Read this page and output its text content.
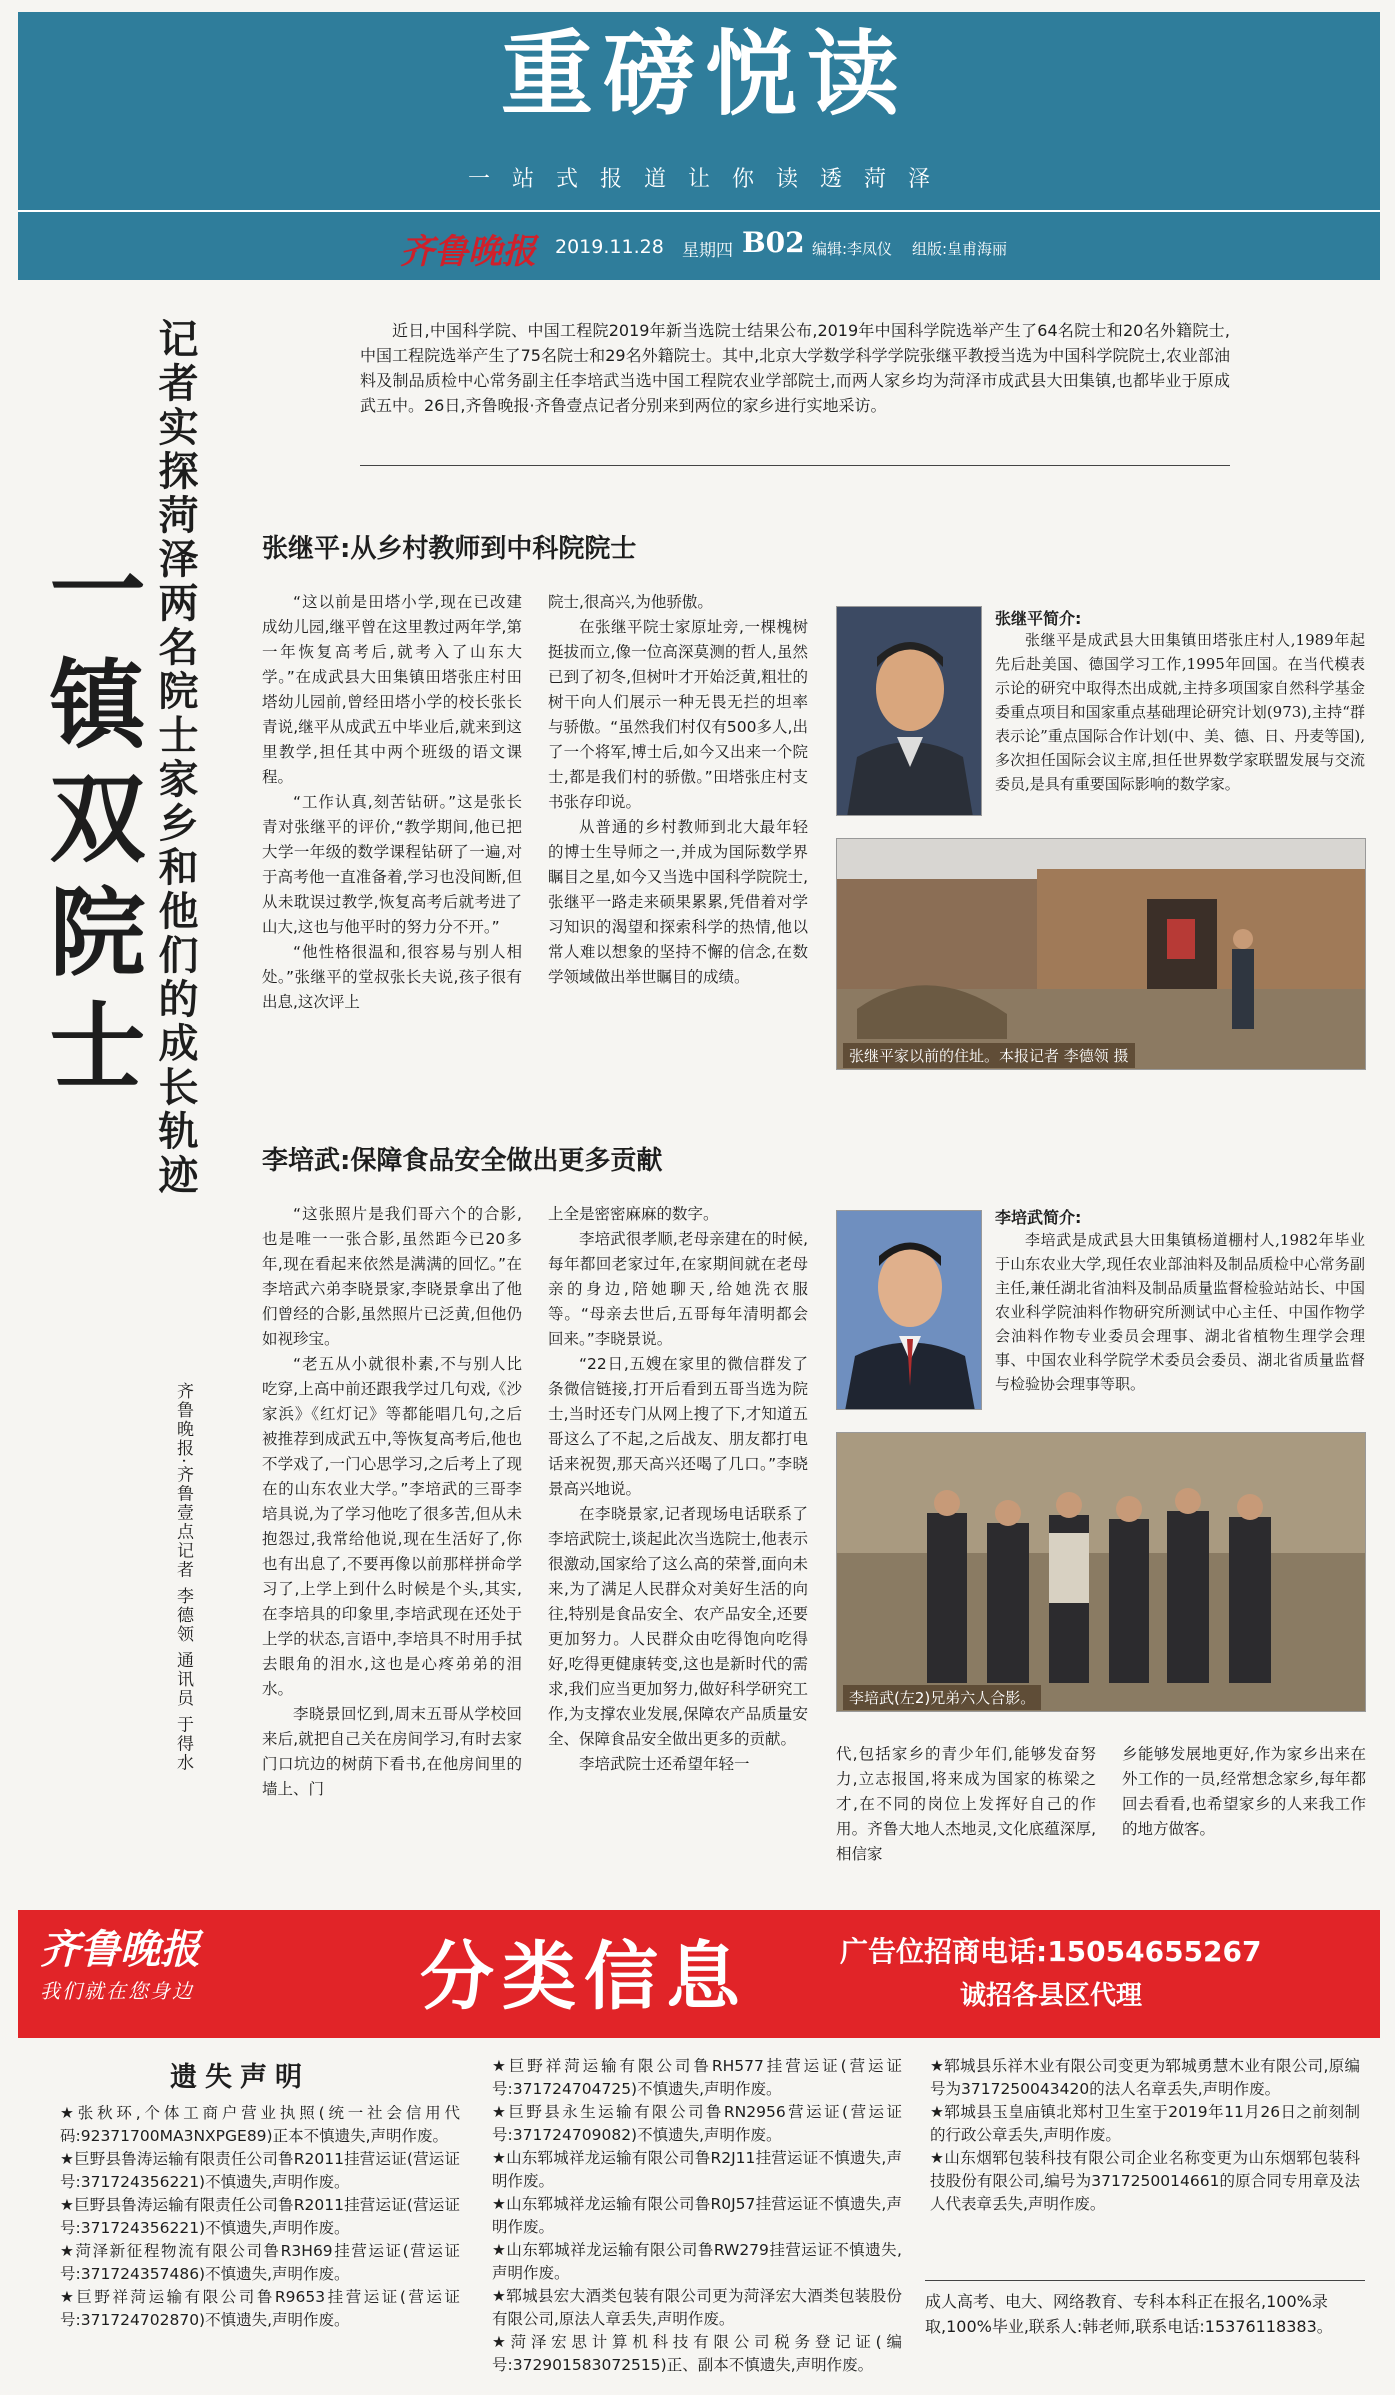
重磅悦读
一站式报道让你读透菏泽
齐鲁晚报 2019.11.28 星期四 B02 编辑:李凤仪 组版:皇甫海丽
记者实探菏泽两名院士家乡和他们的成长轨迹
一镇双院士
齐鲁晚报·齐鲁壹点记者 李德领 通讯员 于得水
近日,中国科学院、中国工程院2019年新当选院士结果公布,2019年中国科学院选举产生了64名院士和20名外籍院士,中国工程院选举产生了75名院士和29名外籍院士。其中,北京大学数学科学学院张继平教授当选为中国科学院院士,农业部油料及制品质检中心常务副主任李培武当选中国工程院农业学部院士,而两人家乡均为菏泽市成武县大田集镇,也都毕业于原成武五中。26日,齐鲁晚报·齐鲁壹点记者分别来到两位的家乡进行实地采访。
张继平:从乡村教师到中科院院士

“这以前是田塔小学,现在已改建成幼儿园,继平曾在这里教过两年学,第一年恢复高考后,就考入了山东大学。”在成武县大田集镇田塔张庄村田塔幼儿园前,曾经田塔小学的校长张长青说,继平从成武五中毕业后,就来到这里教学,担任其中两个班级的语文课程。

“工作认真,刻苦钻研。”这是张长青对张继平的评价,“教学期间,他已把大学一年级的数学课程钻研了一遍,对于高考他一直准备着,学习也没间断,但从未耽误过教学,恢复高考后就考进了山大,这也与他平时的努力分不开。”

“他性格很温和,很容易与别人相处。”张继平的堂叔张长夫说,孩子很有出息,这次评上

院士,很高兴,为他骄傲。

在张继平院士家原址旁,一棵槐树挺拔而立,像一位高深莫测的哲人,虽然已到了初冬,但树叶才开始泛黄,粗壮的树干向人们展示一种无畏无拦的坦率与骄傲。“虽然我们村仅有500多人,出了一个将军,博士后,如今又出来一个院士,都是我们村的骄傲。”田塔张庄村支书张存印说。

从普通的乡村教师到北大最年轻的博士生导师之一,并成为国际数学界瞩目之星,如今又当选中国科学院院士,张继平一路走来硕果累累,凭借着对学习知识的渴望和探索科学的热情,他以常人难以想象的坚持不懈的信念,在数学领域做出举世瞩目的成绩。

张继平简介:
张继平是成武县大田集镇田塔张庄村人,1989年起先后赴美国、德国学习工作,1995年回国。在当代模表示论的研究中取得杰出成就,主持多项国家自然科学基金委重点项目和国家重点基础理论研究计划(973),主持“群表示论”重点国际合作计划(中、美、德、日、丹麦等国),多次担任国际会议主席,担任世界数学家联盟发展与交流委员,是具有重要国际影响的数学家。
张继平家以前的住址。本报记者 李德领 摄
李培武:保障食品安全做出更多贡献

“这张照片是我们哥六个的合影,也是唯一一张合影,虽然距今已20多年,现在看起来依然是满满的回忆。”在李培武六弟李晓景家,李晓景拿出了他们曾经的合影,虽然照片已泛黄,但他仍如视珍宝。

“老五从小就很朴素,不与别人比吃穿,上高中前还跟我学过几句戏,《沙家浜》《红灯记》等都能唱几句,之后被推荐到成武五中,等恢复高考后,他也不学戏了,一门心思学习,之后考上了现在的山东农业大学。”李培武的三哥李培具说,为了学习他吃了很多苦,但从未抱怨过,我常给他说,现在生活好了,你也有出息了,不要再像以前那样拼命学习了,上学上到什么时候是个头,其实,在李培具的印象里,李培武现在还处于上学的状态,言语中,李培具不时用手拭去眼角的泪水,这也是心疼弟弟的泪水。

李晓景回忆到,周末五哥从学校回来后,就把自己关在房间学习,有时去家门口坑边的树荫下看书,在他房间里的墙上、门

上全是密密麻麻的数字。

李培武很孝顺,老母亲建在的时候,每年都回老家过年,在家期间就在老母亲的身边,陪她聊天,给她洗衣服等。“母亲去世后,五哥每年清明都会回来。”李晓景说。

“22日,五嫂在家里的微信群发了条微信链接,打开后看到五哥当选为院士,当时还专门从网上搜了下,才知道五哥这么了不起,之后战友、朋友都打电话来祝贺,那天高兴还喝了几口。”李晓景高兴地说。

在李晓景家,记者现场电话联系了李培武院士,谈起此次当选院士,他表示很激动,国家给了这么高的荣誉,面向未来,为了满足人民群众对美好生活的向往,特别是食品安全、农产品安全,还要更加努力。人民群众由吃得饱向吃得好,吃得更健康转变,这也是新时代的需求,我们应当更加努力,做好科学研究工作,为支撑农业发展,保障农产品质量安全、保障食品安全做出更多的贡献。

李培武院士还希望年轻一

李培武简介:
李培武是成武县大田集镇杨道棚村人,1982年毕业于山东农业大学,现任农业部油料及制品质检中心常务副主任,兼任湖北省油料及制品质量监督检验站站长、中国农业科学院油料作物研究所测试中心主任、中国作物学会油料作物专业委员会理事、湖北省植物生理学会理事、中国农业科学院学术委员会委员、湖北省质量监督与检验协会理事等职。
李培武(左2)兄弟六人合影。

代,包括家乡的青少年们,能够发奋努力,立志报国,将来成为国家的栋梁之才,在不同的岗位上发挥好自己的作用。齐鲁大地人杰地灵,文化底蕴深厚,相信家

乡能够发展地更好,作为家乡出来在外工作的一员,经常想念家乡,每年都回去看看,也希望家乡的人来我工作的地方做客。

齐鲁晚报
我们就在您身边	分类信息	广告位招商电话:15054655267
诚招各县区代理
遗失声明

★张秋环,个体工商户营业执照(统一社会信用代码:92371700MA3NXPGE89)正本不慎遗失,声明作废。

★巨野县鲁涛运输有限责任公司鲁R2011挂营运证(营运证号:371724356221)不慎遗失,声明作废。

★巨野县鲁涛运输有限责任公司鲁R2011挂营运证(营运证号:371724356221)不慎遗失,声明作废。

★菏泽新征程物流有限公司鲁R3H69挂营运证(营运证号:371724357486)不慎遗失,声明作废。

★巨野祥菏运输有限公司鲁R9653挂营运证(营运证号:371724702870)不慎遗失,声明作废。

★巨野祥菏运输有限公司鲁RH577挂营运证(营运证号:371724704725)不慎遗失,声明作废。

★巨野县永生运输有限公司鲁RN2956营运证(营运证号:371724709082)不慎遗失,声明作废。

★山东郓城祥龙运输有限公司鲁R2J11挂营运证不慎遗失,声明作废。

★山东郓城祥龙运输有限公司鲁R0J57挂营运证不慎遗失,声明作废。

★山东郓城祥龙运输有限公司鲁RW279挂营运证不慎遗失,声明作废。

★郓城县宏大酒类包装有限公司更为菏泽宏大酒类包装股份有限公司,原法人章丢失,声明作废。

★菏泽宏思计算机科技有限公司税务登记证(编号:372901583072515)正、副本不慎遗失,声明作废。

★郓城县乐祥木业有限公司变更为郓城勇慧木业有限公司,原编号为371725004342​0的法人名章丢失,声明作废。

★郓城县玉皇庙镇北郑村卫生室于2019年11月26日之前刻制的行政公章丢失,声明作废。

★山东烟郓包装科技有限公司企业名称变更为山东烟郓包装科技股份有限公司,编号为371725001466​1的原合同专用章及法人代表章丢失,声明作废。

成人高考、电大、网络教育、专科本科正在报名,100%录取,100%毕业,联系人:韩老师,联系电话:15376118383。
